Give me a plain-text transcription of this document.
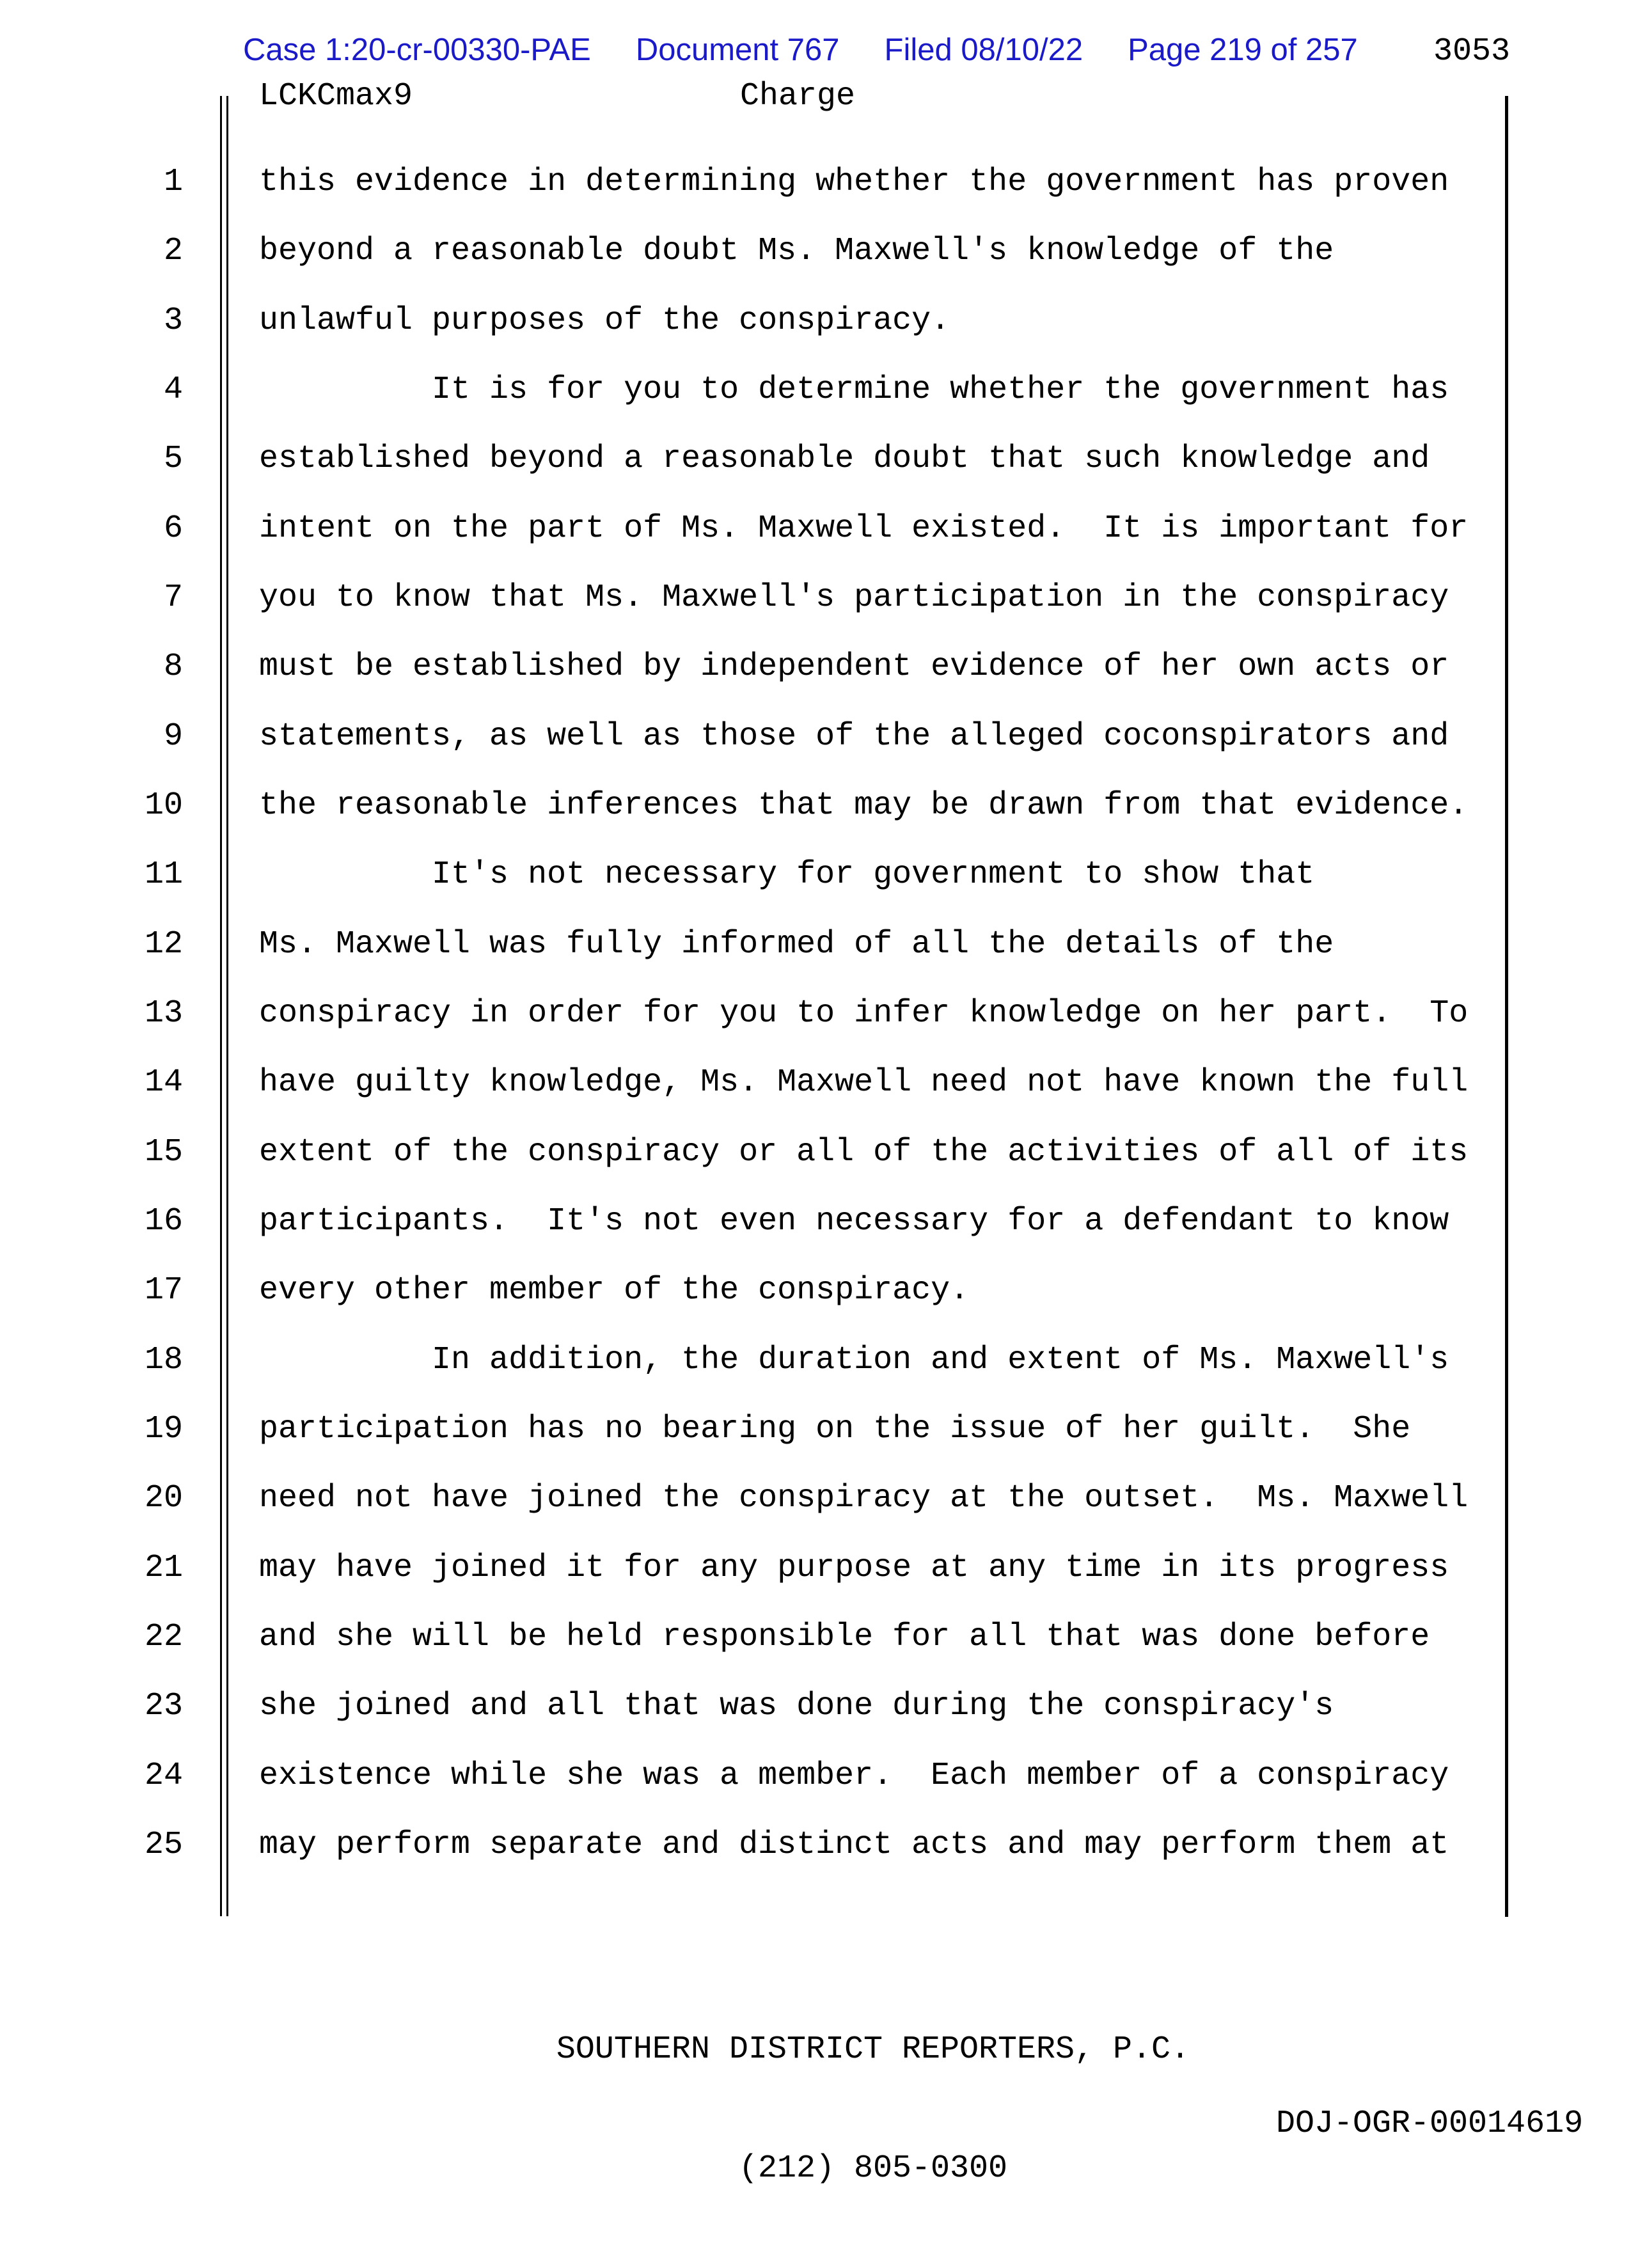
Case 1:20-cr-00330-PAE Document 767 Filed 08/10/22 Page 219 of 257 3053
LCKCmax9	Charge
1 this evidence in determining whether the government has proven
2 beyond a reasonable doubt Ms. Maxwell's knowledge of the
3 unlawful purposes of the conspiracy.
4         It is for you to determine whether the government has
5 established beyond a reasonable doubt that such knowledge and
6 intent on the part of Ms. Maxwell existed.  It is important for
7 you to know that Ms. Maxwell's participation in the conspiracy
8 must be established by independent evidence of her own acts or
9 statements, as well as those of the alleged coconspirators and
10 the reasonable inferences that may be drawn from that evidence.
11         It's not necessary for government to show that
12 Ms. Maxwell was fully informed of all the details of the
13 conspiracy in order for you to infer knowledge on her part.  To
14 have guilty knowledge, Ms. Maxwell need not have known the full
15 extent of the conspiracy or all of the activities of all of its
16 participants.  It's not even necessary for a defendant to know
17 every other member of the conspiracy.
18         In addition, the duration and extent of Ms. Maxwell's
19 participation has no bearing on the issue of her guilt.  She
20 need not have joined the conspiracy at the outset.  Ms. Maxwell
21 may have joined it for any purpose at any time in its progress
22 and she will be held responsible for all that was done before
23 she joined and all that was done during the conspiracy's
24 existence while she was a member.  Each member of a conspiracy
25 may perform separate and distinct acts and may perform them at

SOUTHERN DISTRICT REPORTERS, P.C.

(212) 805-0300

DOJ-OGR-00014619
